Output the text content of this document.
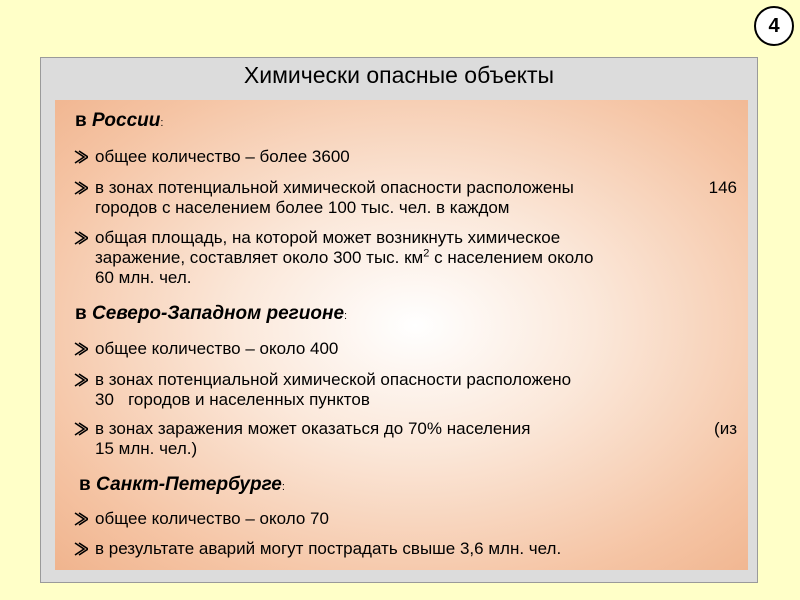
4
Химически опасные объекты
в России:
общее количество – более 3600
в зонах потенциальной химической опасности расположены	146
городов с населением более 100 тыс. чел. в каждом
общая площадь, на которой может возникнуть химическое
заражение, составляет около 300 тыс. $км^2$ с населением около
60 млн. чел.
в Северо-Западном регионе:
общее количество – около 400
в зонах потенциальной химической опасности расположено
30   городов и населенных пунктов
в зонах заражения может оказаться до 70% населения	(из
15 млн. чел.)
в Санкт-Петербурге:
общее количество – около 70
в результате аварий могут пострадать свыше 3,6 млн. чел.
